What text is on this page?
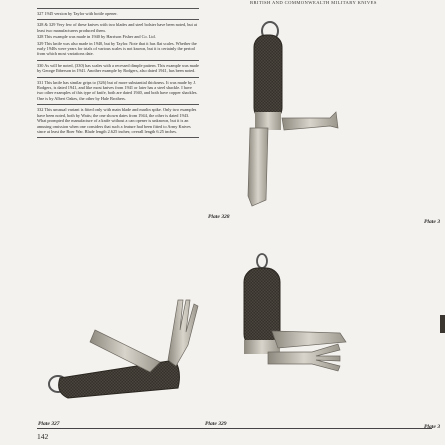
BRITISH AND COMMONWEALTH MILITARY KNIVES

327 1945 version by Taylor with bottle opener.

328 & 329 Very few of these knives with two blades and steel bolster have been noted, but at least two manufacturers produced them.

328 This example was made in 1940 by Harrison Fisher and Co. Ltd.

329 This knife was also made in 1940, but by Taylor. Note that it has flat scales. Whether the early 1940s were years for trials of various scales is not known, but it is certainly the period from which most variations date.

330 As will be noted, (330) has scales with a recessed dimple pattern. This example was made by George Ibberson in 1941. Another example by Rodgers, also dated 1941, has been noted.

331 This knife has similar grips to (326) but of more substantial thickness. It was made by J. Rodgers, is dated 1941, and like most knives from 1941 or later has a steel shackle. I have two other examples of this type of knife, both are dated 1940, and both have copper shackles. One is by Albert Oakes, the other by Hale Brothers.

332 This unusual variant is fitted only with main blade and marlin spike. Only two examples have been noted, both by Watts; the one shown dates from 1944, the other is dated 1943. What prompted the manufacture of a knife without a can opener is unknown, but it is an amusing omission when one considers that such a feature had been fitted to Army Knives since at least the Boer War. Blade length 2.625 inches; overall length 6.25 inches.

Plate 328
Plate 327	Plate 329
Plate 3
Plate 3
142
